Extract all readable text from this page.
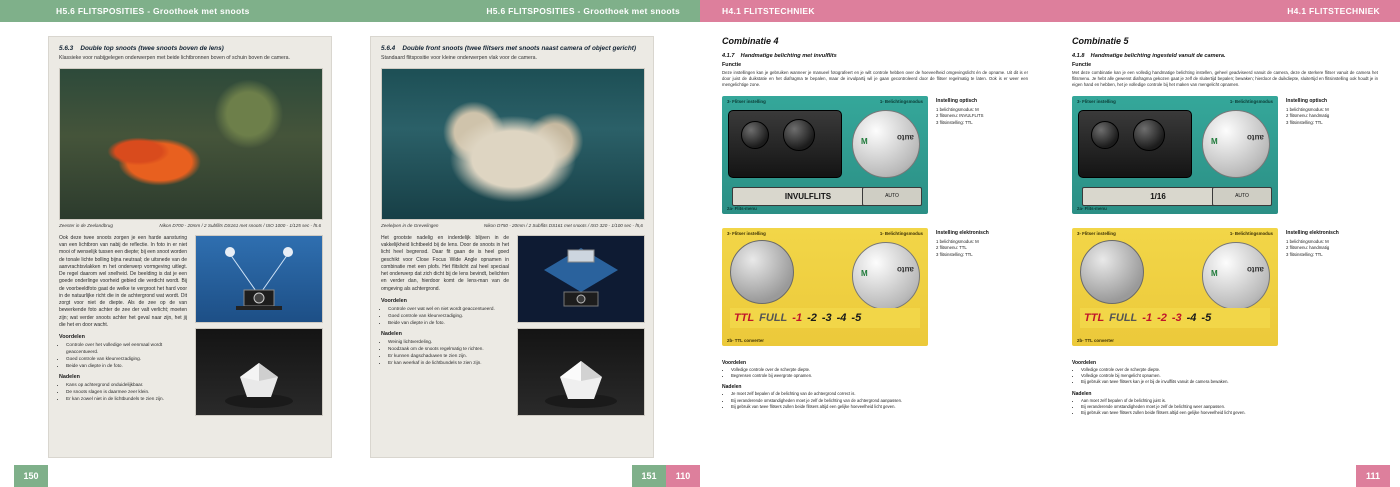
H5.6 FLITSPOSITIES - Groothoek met snoots
5.6.3 Double top snoots (twee snoots boven de lens)
Klassieke voor nabijgelegen onderwerpen met beide lichtbronnen boven of schuin boven de camera.
Zeester in de Zeelandbrug	Nikon D700 - 20mm / 2 Subflits DS161 met snoots / ISO 1000 - 1/125 sec - f5.6
Ook deze twee snoots zorgen je een harde aansturing van een lichtbron van nabij de reflectie. In foto in er niet mooi of wenselijk tussen een diepte; bij een snoot worden de tonale lichte bolling bijna neutraal; de uitsnede van de aanvrachtsvlakken m het onderwerp vormgeving uitlegt. De regel daarom wel snelheid. De beelding is dat je een goede onderlinge voorheid gebied die verdicht wordt. Bij de voorbeeldfoto gaat de welke te vergroot het hard voor in de natuurlijke richt die in de achtergrond wat wordt. Dit zorgt voor niet de diepte. Als de zee op de van bewerkende foto achter de zee der valt verlicht; moeten zijn; wat verder snoots achter het geval naar zijn, het jij die het en door wacht.
Voordelen
• Controle over het volledige wel eenmaal wordt geaccentueerd.
• Goed controle van kleurverzadiging.
• Beide van diepte in de foto.
Nadelen
• Kans op achtergrond onduidelijkbaar.
• De snoots slagen is daarmee zeer klein.
• Er kan zowel niet in de lichtbundels te zien zijn.
150
H5.6 FLITSPOSITIES - Groothoek met snoots
5.6.4 Double front snoots (twee flitsers met snoots naast camera of object gericht)
Standaard flitspositie voor kleine onderwerpen vlak voor de camera.
Zeelelpen in de Grevelingen	Nikon D750 - 20mm / 2 Subflits DS161 met snoots / ISO 320 - 1/100 sec - f5,6
Het grootste nadelig en inderdelijk blijven in de vakkelijkheid lichtbeeld bij de lens. Door de snoots in het licht heel begrensd. Daar fit gaan de is heel goed geschikt voor Close Focus Wide Angle opnamen in combinatie met een plofs. Het flitslicht zal heel speciaal het onderwerp dat zich dicht bij de lens bevindt, belichten en verder dan, hierdoor komt de lens-man van de omgeving als achtergrond.
Voordelen
• Controle over wat wel en niet wordt geaccentueerd.
• Goed controle van kleurverzadiging.
• Beide van diepte in de foto.
Nadelen
• Weinig lichtverdeling.
• Noodzaak om de snoots regelmatig te richten.
• Er kunnen dagschaduwen te zien zijn.
• Er kan weerkaf in de lichtbundels te zien zijn.
151	110
H4.1 FLITSTECHNIEK
Combinatie 4
4.1.7 Handmatige belichting met invulflits
Functie
Deze instellingen kan je gebruiken wanneer je manueel fotografeert en je wilt controle hebben over de hoeveelheid omgevingslicht én de opname. Uit dit is er door juist de duikstatie en het diafragma te bepalen, maar de invulpartij wil je gaan gecontroleerd door de flitser regelmatig te laten. Ook is er weer een mengelichtige zone.
3- Flitser instelling	1- Belichtingsmodus
2a- Flits-menu
M	auto
INVULFLITS	AUTO
Instelling optisch

1 belichtingsmodus: M

2 flitsmenu: INVULFLITS

3 flitsinstelling: TTL

3- Flitser instelling	1- Belichtingsmodus
2b- TTL converter
M	auto
TTL FULL -1 -2 -3 -4 -5
Instelling elektronisch

1 belichtingsmodus: M

2 flitsmenu: TTL

3 flitsinstelling: TTL

Voordelen
• Volledige controle over de scherpte diepte.
• Begrensen controle bij weergrote opnamen.
Nadelen
• Je moet zelf bepalen of de belichting van de achtergrond correct is.
• Bij veranderende omstandigheden moet je zelf de belichting van de achtergrond aanpassen.
• Bij gebruik van twee flitsers zullen beide flitsers altijd een gelijke hoeveelheid licht geven.
H4.1 FLITSTECHNIEK
Combinatie 5
4.1.8 Handmatige belichting ingesteld vanuit de camera.
Functie
Met deze combinatie kan je een volledig handmatige belichting instellen, geheel geadviseerd vanuit de camera, deze de sterkere flitser vanuit de camera het flitsmenu. Je hebt alle gewenst diafragma gekozen gaat je zelf de sluitertijd bepalen; bewaken; hierdoor de duikdiepte, sluitertijd en flitsinstelling ook houdt je in eigen hand en hebben, het je volledige controle bij het maken van mengelicht opnamen.
3- Flitser instelling	1- Belichtingsmodus
2a- Flits-menu
M	auto
1/16	AUTO
Instelling optisch

1 belichtingsmodus: M

2 flitsmenu: handmatig

3 flitsinstelling: TTL

3- Flitser instelling	1- Belichtingsmodus
2b- TTL converter
M	auto
TTL FULL -1 -2 -3 -4 -5
Instelling elektronisch

1 belichtingsmodus: M

2 flitsmenu: handmatig

3 flitsinstelling: TTL

Voordelen
• Volledige controle over de scherpte diepte.
• Volledige controle bij mengelicht opnamen.
• Bij gebruik van twee flitsers kan je er bij de invulflits vanuit de camera bewaken.
Nadelen
• Aan moet zelf bepalen of de belichting juist is.
• Bij veranderende omstandigheden moet je zelf de belichting weer aanpassen.
• Bij gebruik van twee flitsers zullen beide flitsers altijd een gelijke hoeveelheid licht geven.
111
